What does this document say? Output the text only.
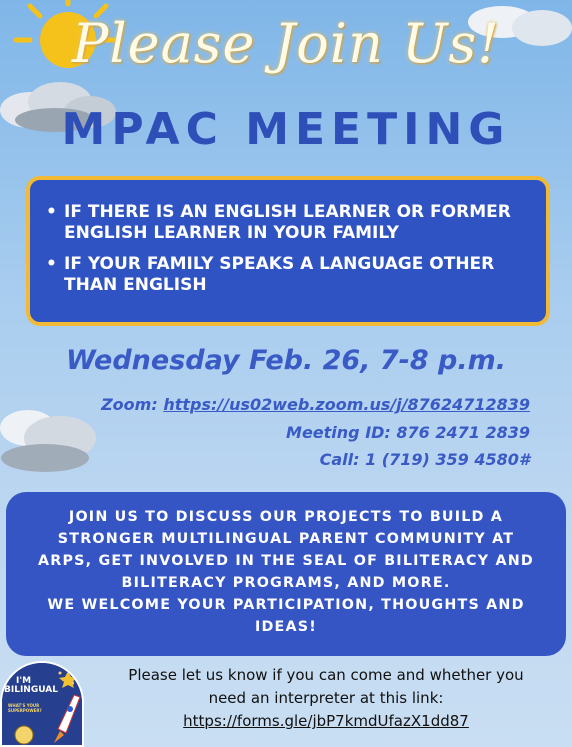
Please Join Us!
MPAC MEETING
• IF THERE IS AN ENGLISH LEARNER OR FORMER ENGLISH LEARNER IN YOUR FAMILY
• IF YOUR FAMILY SPEAKS A LANGUAGE OTHER THAN ENGLISH
Wednesday Feb. 26, 7-8 p.m.
Zoom: https://us02web.zoom.us/j/87624712839
Meeting ID: 876 2471 2839
Call: 1 (719) 359 4580#
JOIN US TO DISCUSS OUR PROJECTS TO BUILD A
STRONGER MULTILINGUAL PARENT COMMUNITY AT
ARPS, GET INVOLVED IN THE SEAL OF BILITERACY AND
BILITERACY PROGRAMS, AND MORE.
WE WELCOME YOUR PARTICIPATION, THOUGHTS AND
IDEAS!
I'M
BILINGUAL
WHAT'S YOUR SUPERPOWER?
Please let us know if you can come and whether you
need an interpreter at this link:
https://forms.gle/jbP7kmdUfazX1dd87
